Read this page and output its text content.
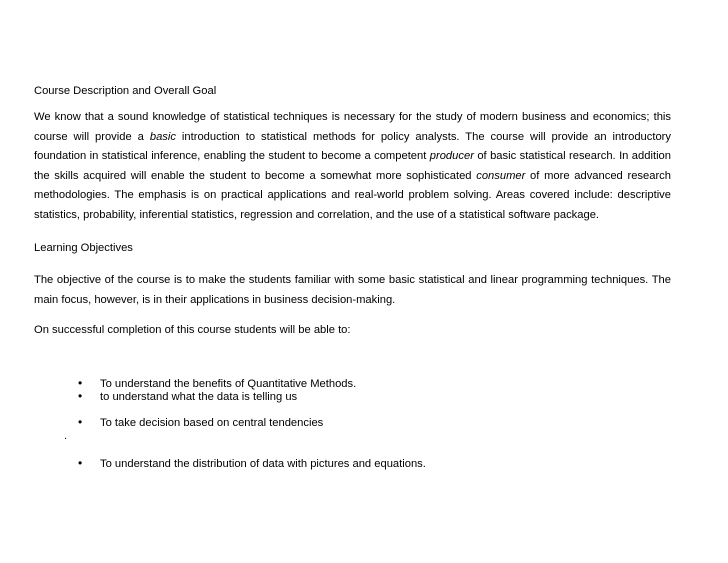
Course Description and Overall Goal
We know that a sound knowledge of statistical techniques is necessary for the study of modern business and economics; this course will provide a basic introduction to statistical methods for policy analysts. The course will provide an introductory foundation in statistical inference, enabling the student to become a competent producer of basic statistical research. In addition the skills acquired will enable the student to become a somewhat more sophisticated consumer of more advanced research methodologies. The emphasis is on practical applications and real-world problem solving. Areas covered include: descriptive statistics, probability, inferential statistics, regression and correlation, and the use of a statistical software package.
Learning Objectives
The objective of the course is to make the students familiar with some basic statistical and linear programming techniques. The main focus, however, is in their applications in business decision-making.
On successful completion of this course students will be able to:
• To understand the benefits of Quantitative Methods.
• to understand what the data is telling us
• To take decision based on central tendencies
.
• To understand the distribution of data with pictures and equations.
